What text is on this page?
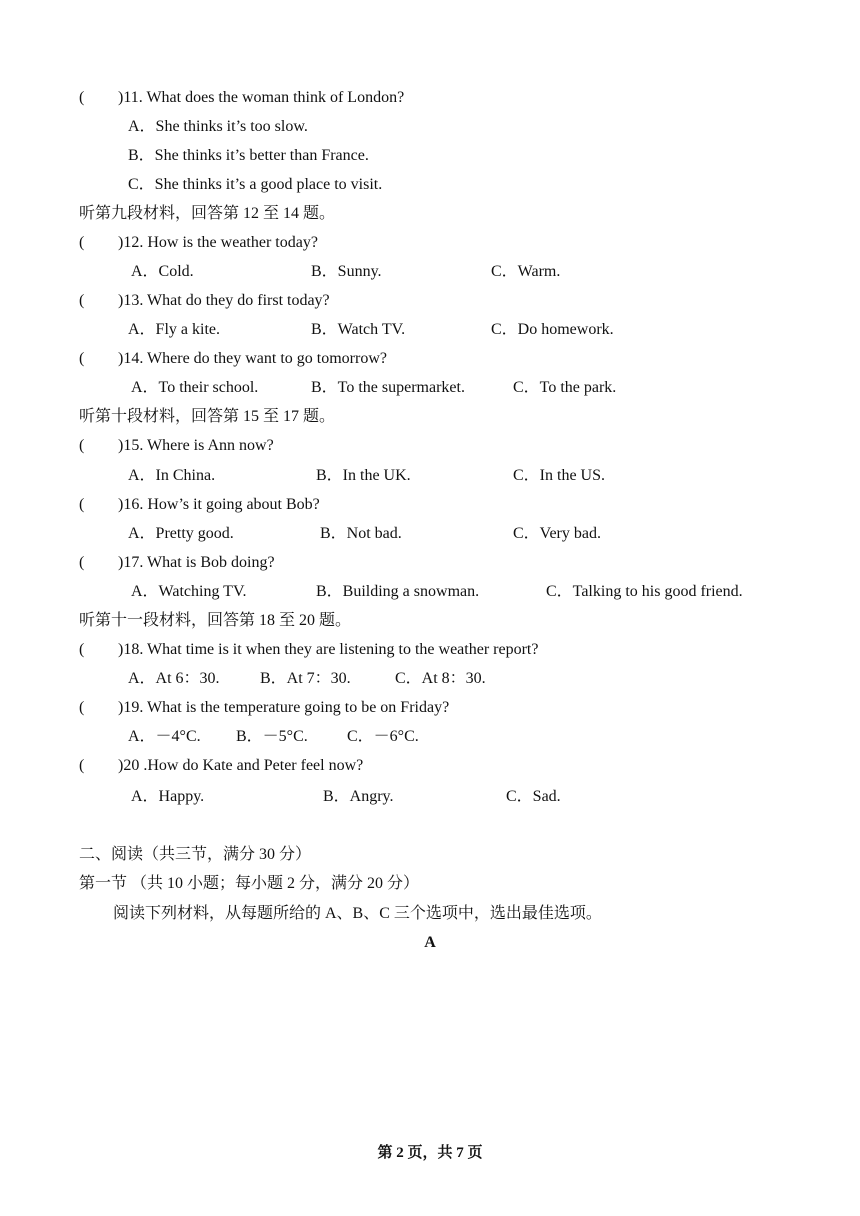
( )11. What does the woman think of London?
A．She thinks it’s too slow.
B．She thinks it’s better than France.
C．She thinks it’s a good place to visit.
听第九段材料，回答第 12 至 14 题。
( )12. How is the weather today?
A．Cold.	B．Sunny.	C．Warm.
( )13. What do they do first today?
A．Fly a kite.	B．Watch TV.	C．Do homework.
( )14. Where do they want to go tomorrow?
A．To their school.	B．To the supermarket.	C．To the park.
听第十段材料，回答第 15 至 17 题。
( )15. Where is Ann now?
A．In China.	B．In the UK.	C．In the US.
( )16. How’s it going about Bob?
A．Pretty good.	B．Not bad.	C．Very bad.
( )17. What is Bob doing?
A．Watching TV.	B．Building a snowman.	C．Talking to his good friend.
听第十一段材料，回答第 18 至 20 题。
( )18. What time is it when they are listening to the weather report?
A．At 6：30.	B．At 7：30.	C．At 8：30.
( )19. What is the temperature going to be on Friday?
A．－4°C. B．－5°C. C．－6°C.
( )20 .How do Kate and Peter feel now?
A．Happy.	B．Angry.	C．Sad.
二、阅读（共三节，满分 30 分）
第一节 （共 10 小题；每小题 2 分，满分 20 分）
阅读下列材料，从每题所给的 A、B、C 三个选项中，选出最佳选项。
A
第 2 页，共 7 页
